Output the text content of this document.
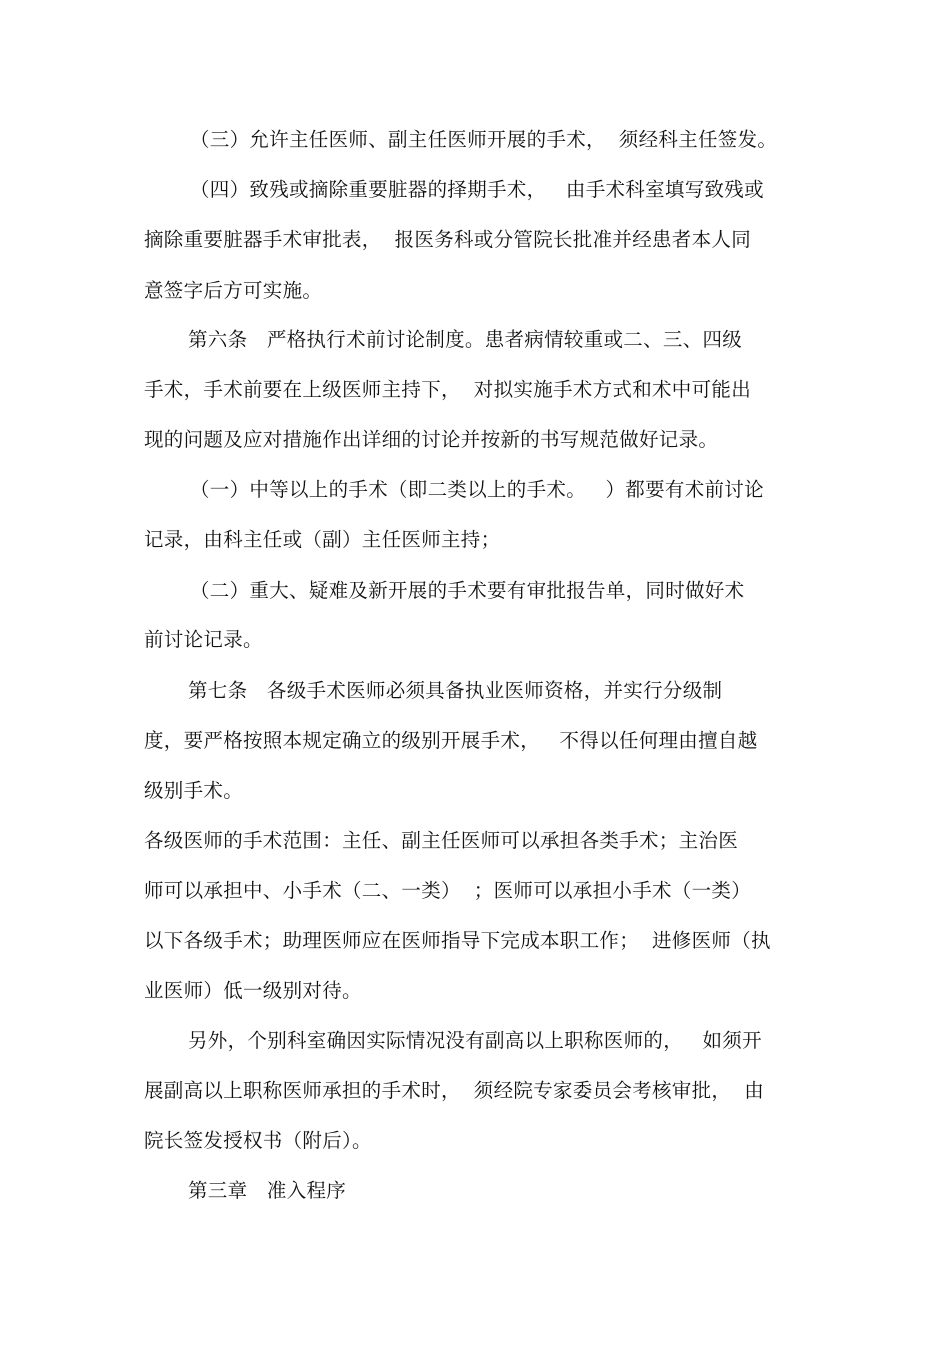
（三）允许主任医师、副主任医师开展的手术，  须经科主任签发。
（四）致残或摘除重要脏器的择期手术，   由手术科室填写致残或
摘除重要脏器手术审批表，  报医务科或分管院长批准并经患者本人同
意签字后方可实施。
第六条   严格执行术前讨论制度。患者病情较重或二、三、四级
手术，手术前要在上级医师主持下，  对拟实施手术方式和术中可能出
现的问题及应对措施作出详细的讨论并按新的书写规范做好记录。
（一）中等以上的手术（即二类以上的手术。   ）都要有术前讨论
记录，由科主任或（副）主任医师主持；
（二）重大、疑难及新开展的手术要有审批报告单，同时做好术
前讨论记录。
第七条   各级手术医师必须具备执业医师资格，并实行分级制
度，要严格按照本规定确立的级别开展手术，   不得以任何理由擅自越
级别手术。
各级医师的手术范围：主任、副主任医师可以承担各类手术；主治医
师可以承担中、小手术（二、一类）  ；医师可以承担小手术（一类）
以下各级手术；助理医师应在医师指导下完成本职工作；  进修医师（执
业医师）低一级别对待。
另外，个别科室确因实际情况没有副高以上职称医师的，   如须开
展副高以上职称医师承担的手术时，  须经院专家委员会考核审批，  由
院长签发授权书（附后）。
第三章   准入程序
